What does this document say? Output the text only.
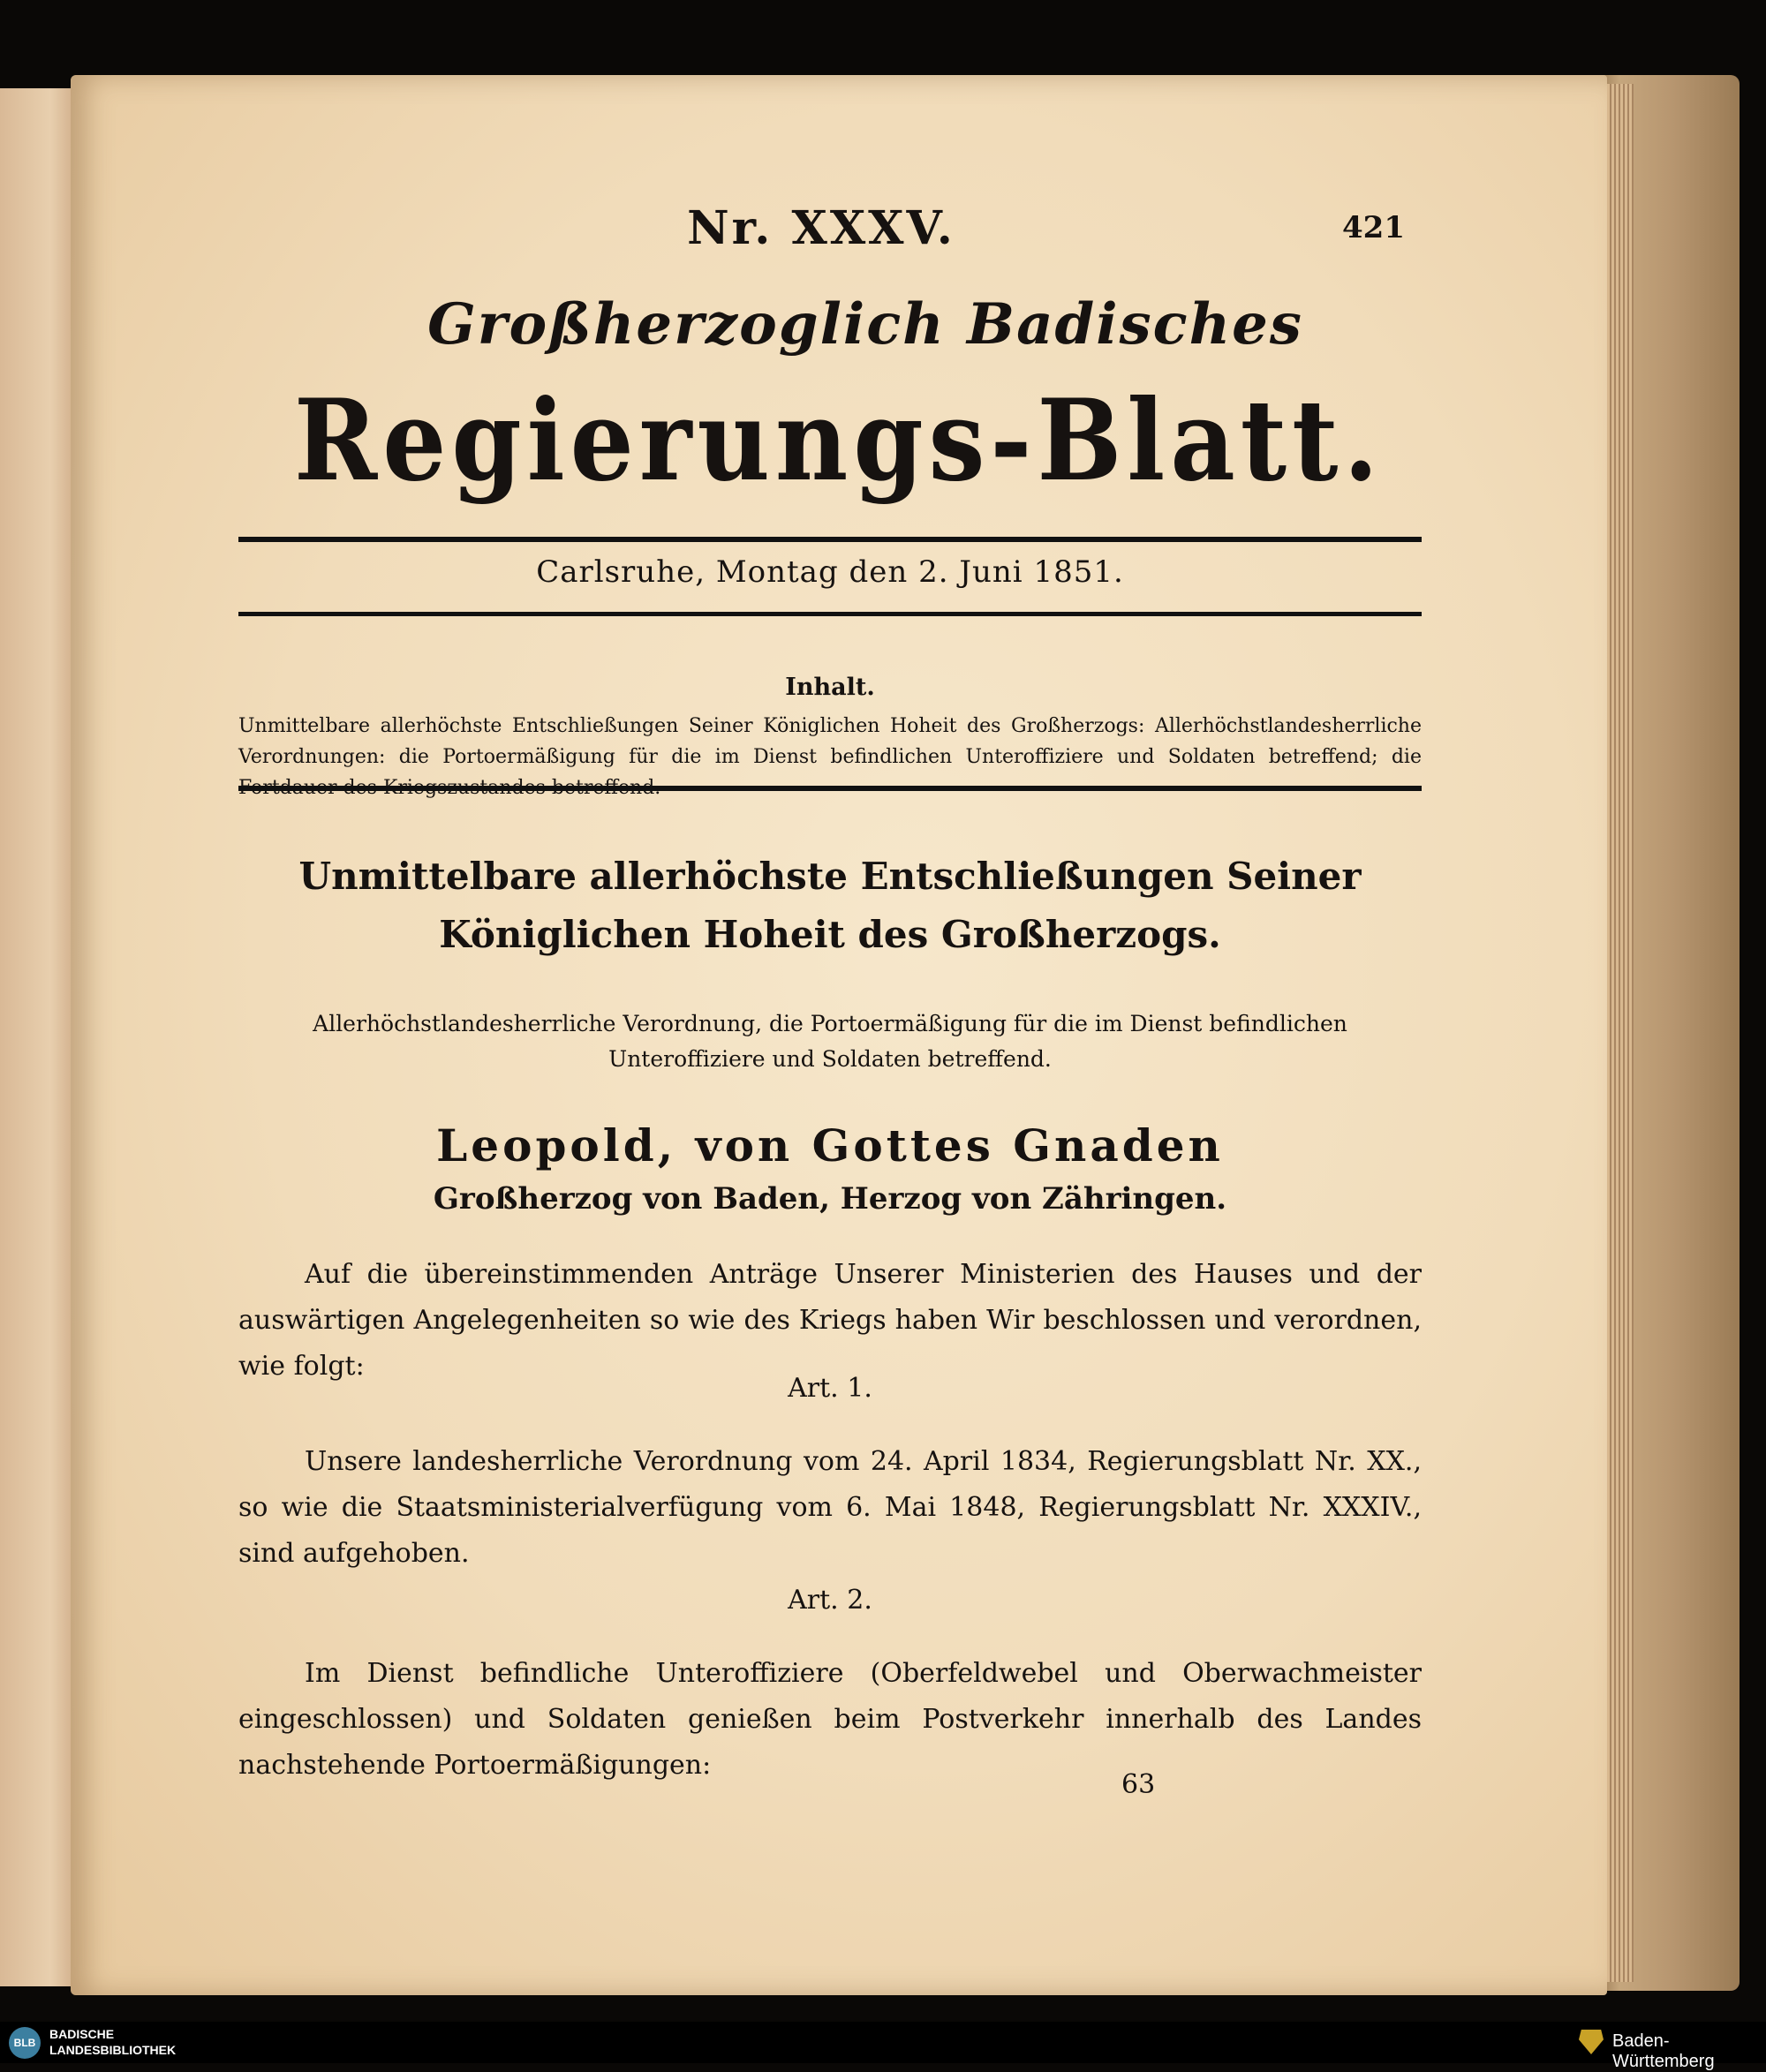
Nr. XXXV.	421
Großherzoglich Badisches
Regierungs-Blatt.
Carlsruhe, Montag den 2. Juni 1851.
Inhalt.
Unmittelbare allerhöchste Entschließungen Seiner Königlichen Hoheit des Großherzogs: Allerhöchstlandesherrliche Verordnungen: die Portoermäßigung für die im Dienst befindlichen Unteroffiziere und Soldaten betreffend; die
Unmittelbare allerhöchste Entschließungen Seiner Königlichen Hoheit des Großherzogs.
Allerhöchstlandesherrliche Verordnung, die Portoermäßigung für die im Dienst befindlichen Unteroffiziere und Soldaten betreffend.
Leopold, von Gottes Gnaden
Großherzog von Baden, Herzog von Zähringen.
Auf die übereinstimmenden Anträge Unserer Ministerien des Hauses und der auswärtigen Angelegenheiten so wie des Kriegs haben Wir beschlossen und verordnen, wie folgt:
Art. 1.
Unsere landesherrliche Verordnung vom 24. April 1834, Regierungsblatt Nr. XX., so wie die Staatsministerialverfügung vom 6. Mai 1848, Regierungsblatt Nr. XXXIV., sind aufgehoben.
Art. 2.
Im Dienst befindliche Unteroffiziere (Oberfeldwebel und Oberwachmeister eingeschlossen) und Soldaten genießen beim Postverkehr innerhalb des Landes nachstehende Portoermäßigungen:
63
BLB
BADISCHE LANDESBIBLIOTHEK	Baden-Württemberg
